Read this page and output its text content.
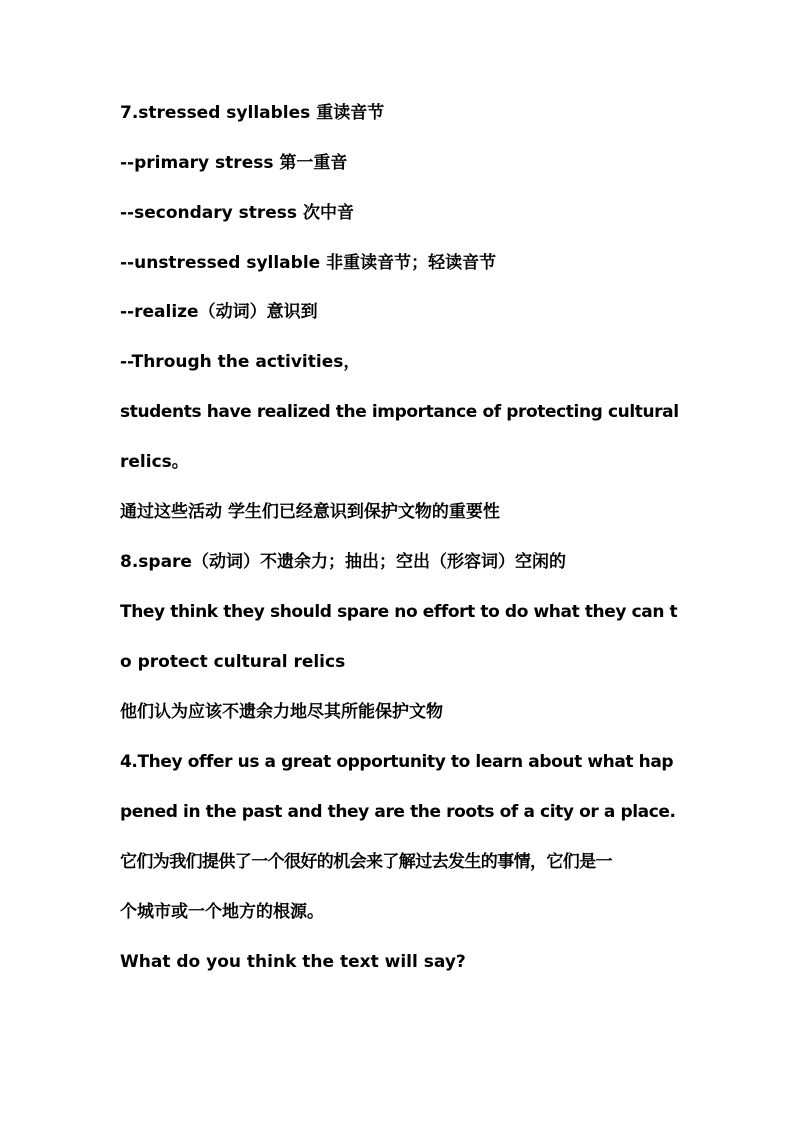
7.stressed syllables 重读音节
--primary stress 第一重音
--secondary stress 次中音
--unstressed syllable 非重读音节；轻读音节
--realize（动词）意识到
--Through the activities，
students have realized the importance of protecting cultural
relics。
通过这些活动 学生们已经意识到保护文物的重要性
8.spare（动词）不遗余力；抽出；空出（形容词）空闲的
They think they should spare no effort to do what they can t
o protect cultural relics
他们认为应该不遗余力地尽其所能保护文物
4.They offer us a great opportunity to learn about what hap
pened in the past and they are the roots of a city or a place.
它们为我们提供了一个很好的机会来了解过去发生的事情，它们是一
个城市或一个地方的根源。
What do you think the text will say?
